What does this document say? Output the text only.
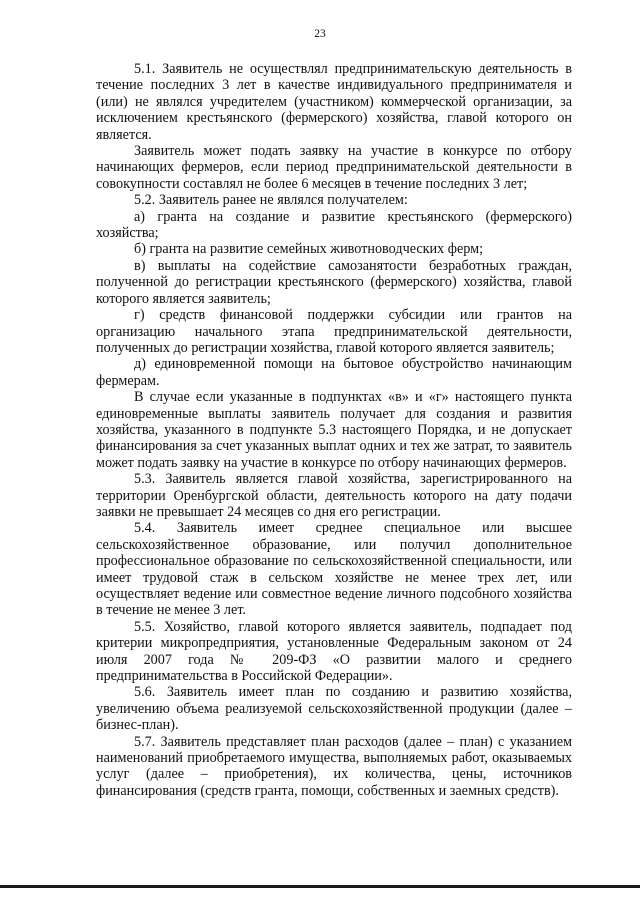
23

5.1. Заявитель не осуществлял предпринимательскую деятельность в течение последних 3 лет в качестве индивидуального предпринимателя и (или) не являлся учредителем (участником) коммерческой организации, за исключением крестьянского (фермерского) хозяйства, главой которого он является.

Заявитель может подать заявку на участие в конкурсе по отбору начинающих фермеров, если период предпринимательской деятельности в совокупности составлял не более 6 месяцев в течение последних 3 лет;

5.2. Заявитель ранее не являлся получателем:

а) гранта на создание и развитие крестьянского (фермерского) хозяйства;

б) гранта на развитие семейных животноводческих ферм;

в) выплаты на содействие самозанятости безработных граждан, полученной до регистрации крестьянского (фермерского) хозяйства, главой которого является заявитель;

г) средств финансовой поддержки субсидии или грантов на организацию начального этапа предпринимательской деятельности, полученных до регистрации хозяйства, главой которого является заявитель;

д) единовременной помощи на бытовое обустройство начинающим фермерам.

В случае если указанные в подпунктах «в» и «г» настоящего пункта единовременные выплаты заявитель получает для создания и развития хозяйства, указанного в подпункте 5.3 настоящего Порядка, и не допускает финансирования за счет указанных выплат одних и тех же затрат, то заявитель может подать заявку на участие в конкурсе по отбору начинающих фермеров.

5.3. Заявитель является главой хозяйства, зарегистрированного на территории Оренбургской области, деятельность которого на дату подачи заявки не превышает 24 месяцев со дня его регистрации.

5.4. Заявитель имеет среднее специальное или высшее сельскохозяйственное образование, или получил дополнительное профессиональное образование по сельскохозяйственной специальности, или имеет трудовой стаж в сельском хозяйстве не менее трех лет, или осуществляет ведение или совместное ведение личного подсобного хозяйства в течение не менее 3 лет.

5.5. Хозяйство, главой которого является заявитель, подпадает под критерии микропредприятия, установленные Федеральным законом от 24 июля 2007 года № 209-ФЗ «О развитии малого и среднего предпринимательства в Российской Федерации».

5.6. Заявитель имеет план по созданию и развитию хозяйства, увеличению объема реализуемой сельскохозяйственной продукции (далее – бизнес-план).

5.7. Заявитель представляет план расходов (далее – план) с указанием наименований приобретаемого имущества, выполняемых работ, оказываемых услуг (далее – приобретения), их количества, цены, источников финансирования (средств гранта, помощи, собственных и заемных средств).
